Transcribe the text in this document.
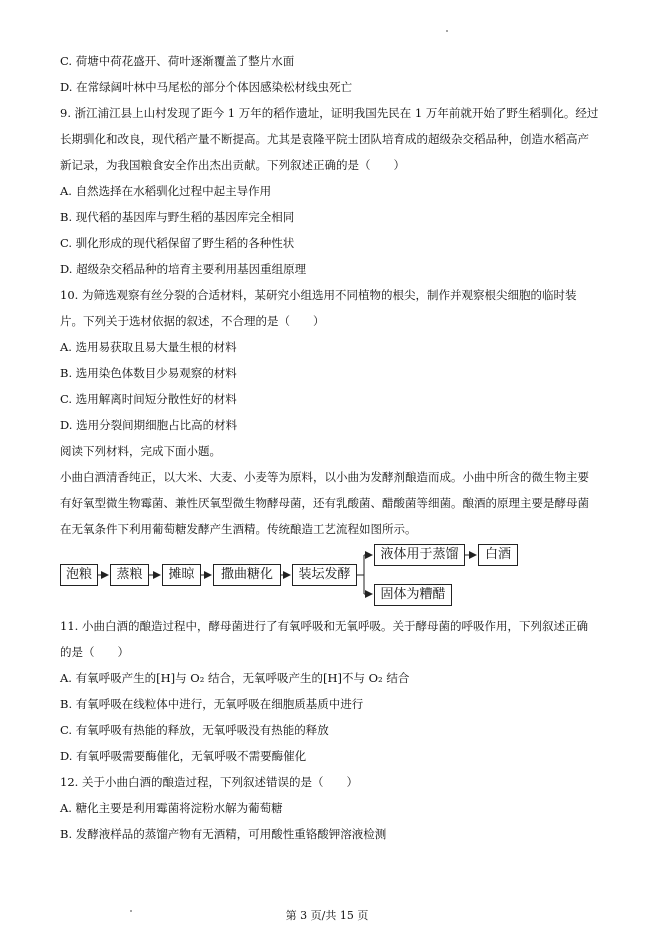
C. 荷塘中荷花盛开、荷叶逐渐覆盖了整片水面
D. 在常绿阔叶林中马尾松的部分个体因感染松材线虫死亡
9. 浙江浦江县上山村发现了距今 1 万年的稻作遗址，证明我国先民在 1 万年前就开始了野生稻驯化。经过
长期驯化和改良，现代稻产量不断提高。尤其是袁隆平院士团队培育成的超级杂交稻品种，创造水稻高产
新记录，为我国粮食安全作出杰出贡献。下列叙述正确的是（　　）
A. 自然选择在水稻驯化过程中起主导作用
B. 现代稻的基因库与野生稻的基因库完全相同
C. 驯化形成的现代稻保留了野生稻的各种性状
D. 超级杂交稻品种的培育主要利用基因重组原理
10. 为筛选观察有丝分裂的合适材料，某研究小组选用不同植物的根尖，制作并观察根尖细胞的临时装
片。下列关于选材依据的叙述，不合理的是（　　）
A. 选用易获取且易大量生根的材料
B. 选用染色体数目少易观察的材料
C. 选用解离时间短分散性好的材料
D. 选用分裂间期细胞占比高的材料
阅读下列材料，完成下面小题。
小曲白酒清香纯正，以大米、大麦、小麦等为原料，以小曲为发酵剂酿造而成。小曲中所含的微生物主要
有好氧型微生物霉菌、兼性厌氧型微生物酵母菌，还有乳酸菌、醋酸菌等细菌。酿酒的原理主要是酵母菌
在无氧条件下利用葡萄糖发酵产生酒精。传统酿造工艺流程如图所示。
泡粮	蒸粮	摊晾	撒曲糖化	装坛发酵
液体用于蒸馏	白酒
固体为糟醋
11. 小曲白酒的酿造过程中，酵母菌进行了有氧呼吸和无氧呼吸。关于酵母菌的呼吸作用，下列叙述正确
的是（　　）
A. 有氧呼吸产生的[H]与 O₂ 结合，无氧呼吸产生的[H]不与 O₂ 结合
B. 有氧呼吸在线粒体中进行，无氧呼吸在细胞质基质中进行
C. 有氧呼吸有热能的释放，无氧呼吸没有热能的释放
D. 有氧呼吸需要酶催化，无氧呼吸不需要酶催化
12. 关于小曲白酒的酿造过程，下列叙述错误的是（　　）
A. 糖化主要是利用霉菌将淀粉水解为葡萄糖
B. 发酵液样品的蒸馏产物有无酒精，可用酸性重铬酸钾溶液检测
第 3 页/共 15 页
